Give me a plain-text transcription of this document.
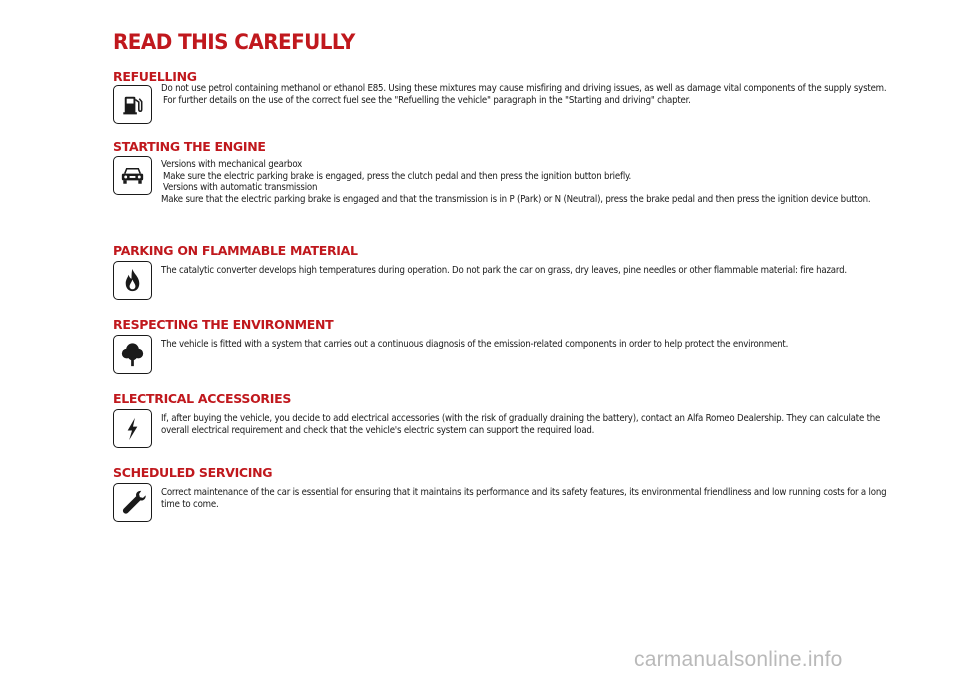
READ THIS CAREFULLY
REFUELLING

Do not use petrol containing methanol or ethanol E85. Using these mixtures may cause misfiring and driving issues, as well as damage vital components of the supply system.

For further details on the use of the correct fuel see the "Refuelling the vehicle" paragraph in the "Starting and driving" chapter.

STARTING THE ENGINE

Versions with mechanical gearbox

Make sure the electric parking brake is engaged, press the clutch pedal and then press the ignition button briefly.

Versions with automatic transmission

Make sure that the electric parking brake is engaged and that the transmission is in P (Park) or N (Neutral), press the brake pedal and then press the ignition device button.

PARKING ON FLAMMABLE MATERIAL

The catalytic converter develops high temperatures during operation. Do not park the car on grass, dry leaves, pine needles or other flammable material: fire hazard.

RESPECTING THE ENVIRONMENT

The vehicle is fitted with a system that carries out a continuous diagnosis of the emission-related components in order to help protect the environment.

ELECTRICAL ACCESSORIES

If, after buying the vehicle, you decide to add electrical accessories (with the risk of gradually draining the battery), contact an Alfa Romeo Dealership. They can calculate the overall electrical requirement and check that the vehicle's electric system can support the required load.

SCHEDULED SERVICING

Correct maintenance of the car is essential for ensuring that it maintains its performance and its safety features, its environmental friendliness and low running costs for a long time to come.

carmanualsonline.info
